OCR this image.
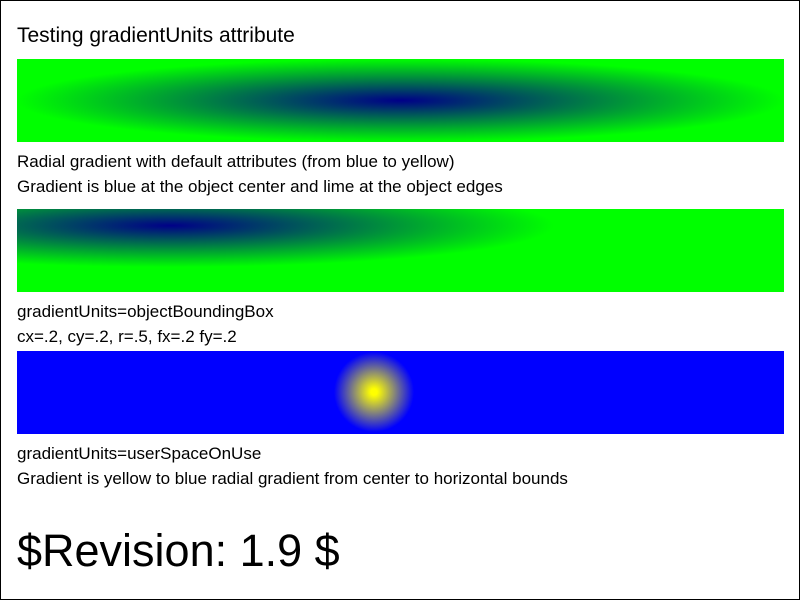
Testing gradientUnits attribute
Radial gradient with default attributes (from blue to yellow)
Gradient is blue at the object center and lime at the object edges
gradientUnits=objectBoundingBox
cx=.2, cy=.2, r=.5, fx=.2 fy=.2
gradientUnits=userSpaceOnUse
Gradient is yellow to blue radial gradient from center to horizontal bounds
$Revision: 1.9 $
